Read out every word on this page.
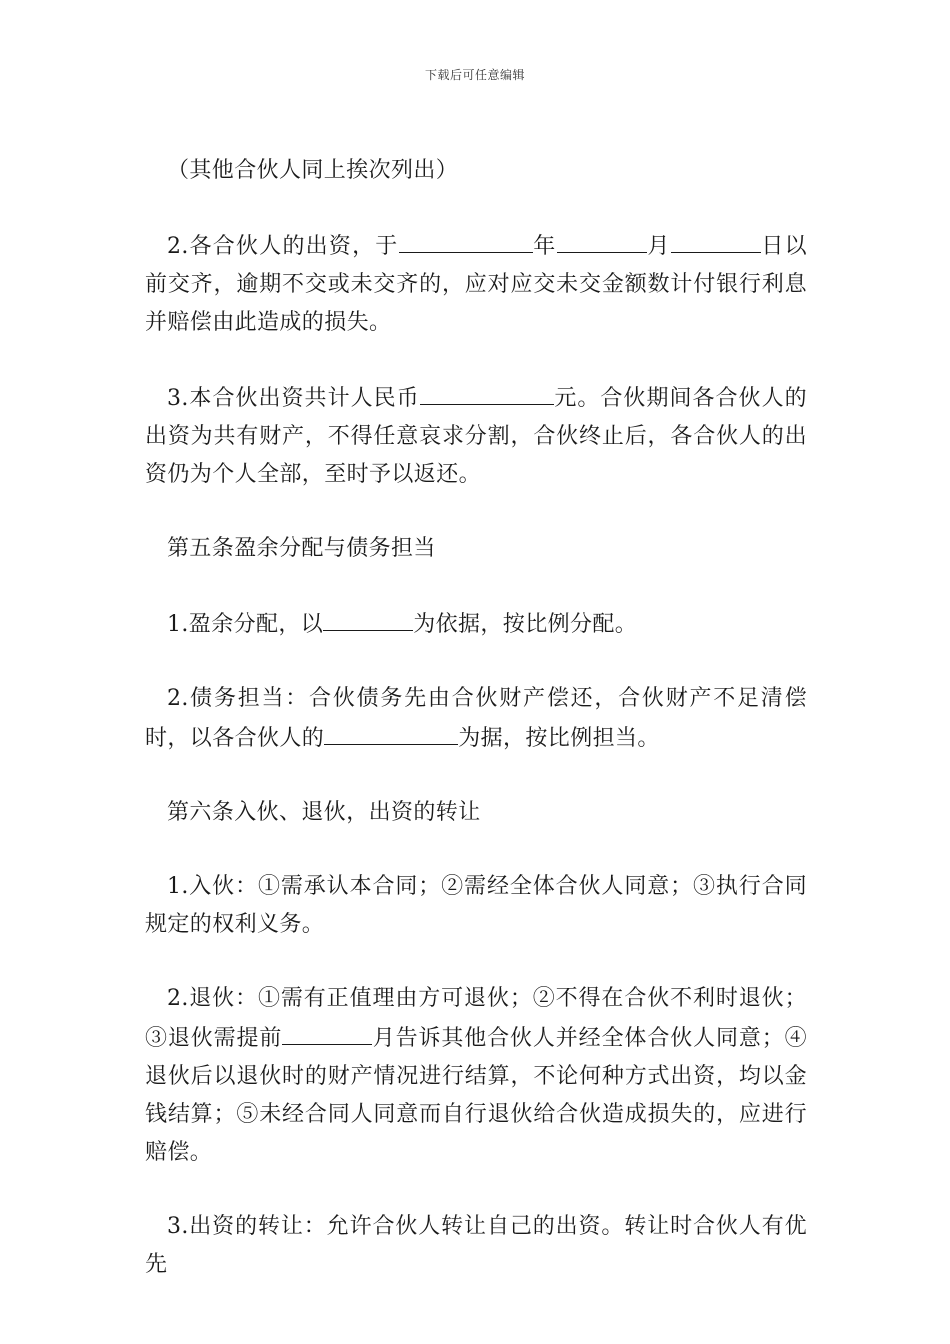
下载后可任意编辑

（其他合伙人同上挨次列出）

2.各合伙人的出资，于	年	月	日以前交齐，逾期不交或未交齐的，应对应交未交金额数计付银行利息并赔偿由此造成的损失。

3.本合伙出资共计人民币	元。合伙期间各合伙人的出资为共有财产，不得任意哀求分割，合伙终止后，各合伙人的出资仍为个人全部，至时予以返还。

第五条盈余分配与债务担当

1.盈余分配，以	为依据，按比例分配。

2.债务担当：合伙债务先由合伙财产偿还，合伙财产不足清偿时，以各合伙人的	为据，按比例担当。

第六条入伙、退伙，出资的转让

1.入伙：①需承认本合同；②需经全体合伙人同意；③执行合同规定的权利义务。

2.退伙：①需有正值理由方可退伙；②不得在合伙不利时退伙；③退伙需提前	月告诉其他合伙人并经全体合伙人同意；④退伙后以退伙时的财产情况进行结算，不论何种方式出资，均以金钱结算；⑤未经合同人同意而自行退伙给合伙造成损失的，应进行赔偿。

3.出资的转让：允许合伙人转让自己的出资。转让时合伙人有优先
